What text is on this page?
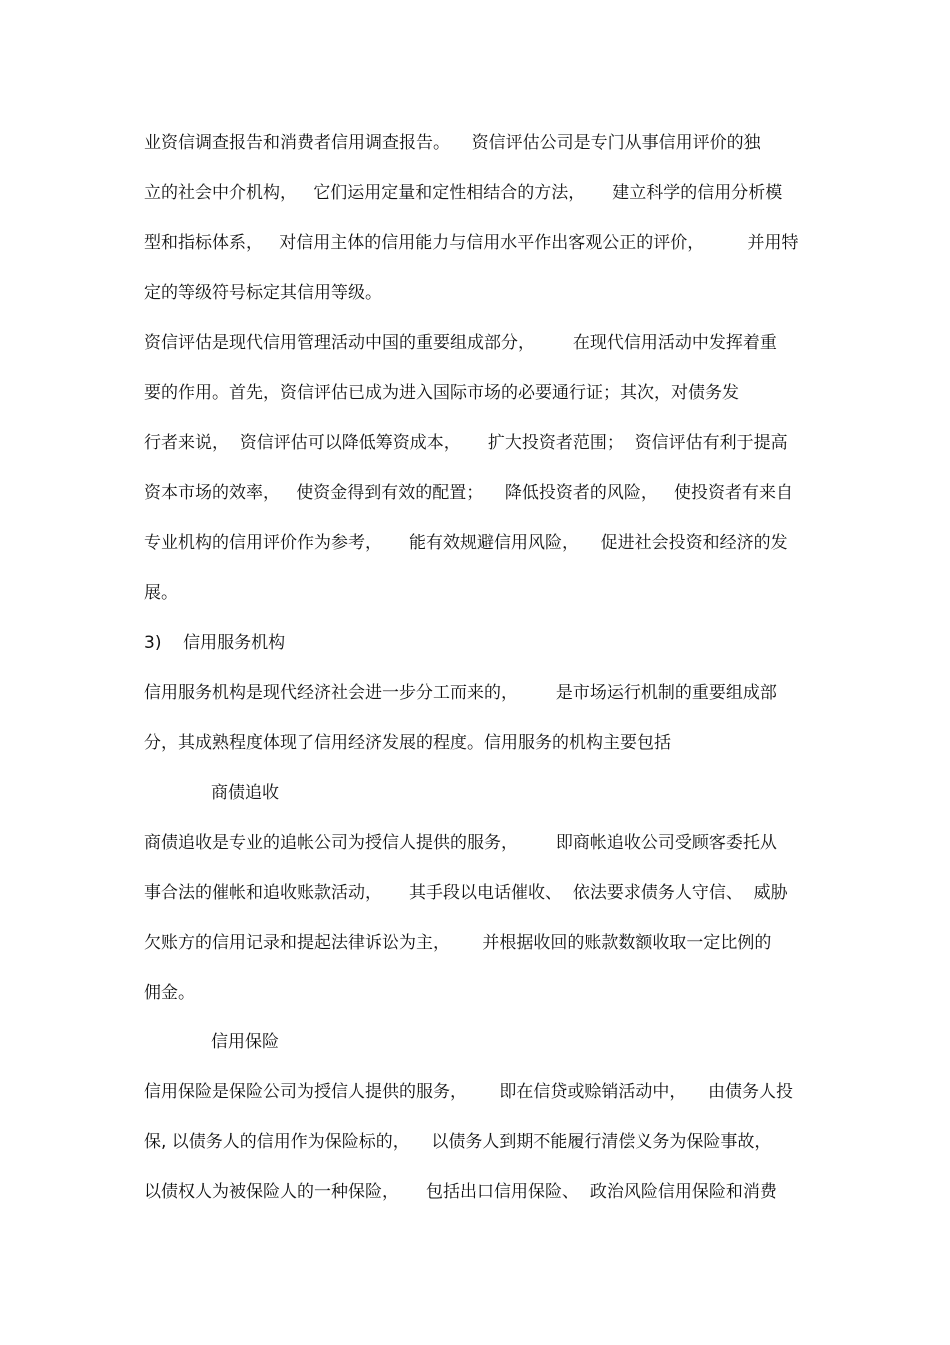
业资信调查报告和消费者信用调查报告。    资信评估公司是专门从事信用评价的独
立的社会中介机构，   它们运用定量和定性相结合的方法，     建立科学的信用分析模
型和指标体系，   对信用主体的信用能力与信用水平作出客观公正的评价，        并用特
定的等级符号标定其信用等级。
资信评估是现代信用管理活动中国的重要组成部分，       在现代信用活动中发挥着重
要的作用。首先，资信评估已成为进入国际市场的必要通行证；其次，对债务发
行者来说，  资信评估可以降低筹资成本，     扩大投资者范围；  资信评估有利于提高
资本市场的效率，   使资金得到有效的配置；    降低投资者的风险，   使投资者有来自
专业机构的信用评价作为参考，     能有效规避信用风险，    促进社会投资和经济的发
展。
3)    信用服务机构
信用服务机构是现代经济社会进一步分工而来的，       是市场运行机制的重要组成部
分，其成熟程度体现了信用经济发展的程度。信用服务的机构主要包括
商债追收
商债追收是专业的追帐公司为授信人提供的服务，       即商帐追收公司受顾客委托从
事合法的催帐和追收账款活动，     其手段以电话催收、  依法要求债务人守信、  威胁
欠账方的信用记录和提起法律诉讼为主，      并根据收回的账款数额收取一定比例的
佣金。
信用保险
信用保险是保险公司为授信人提供的服务，      即在信贷或赊销活动中，    由债务人投
保, 以债务人的信用作为保险标的，    以债务人到期不能履行清偿义务为保险事故，
以债权人为被保险人的一种保险，     包括出口信用保险、  政治风险信用保险和消费
